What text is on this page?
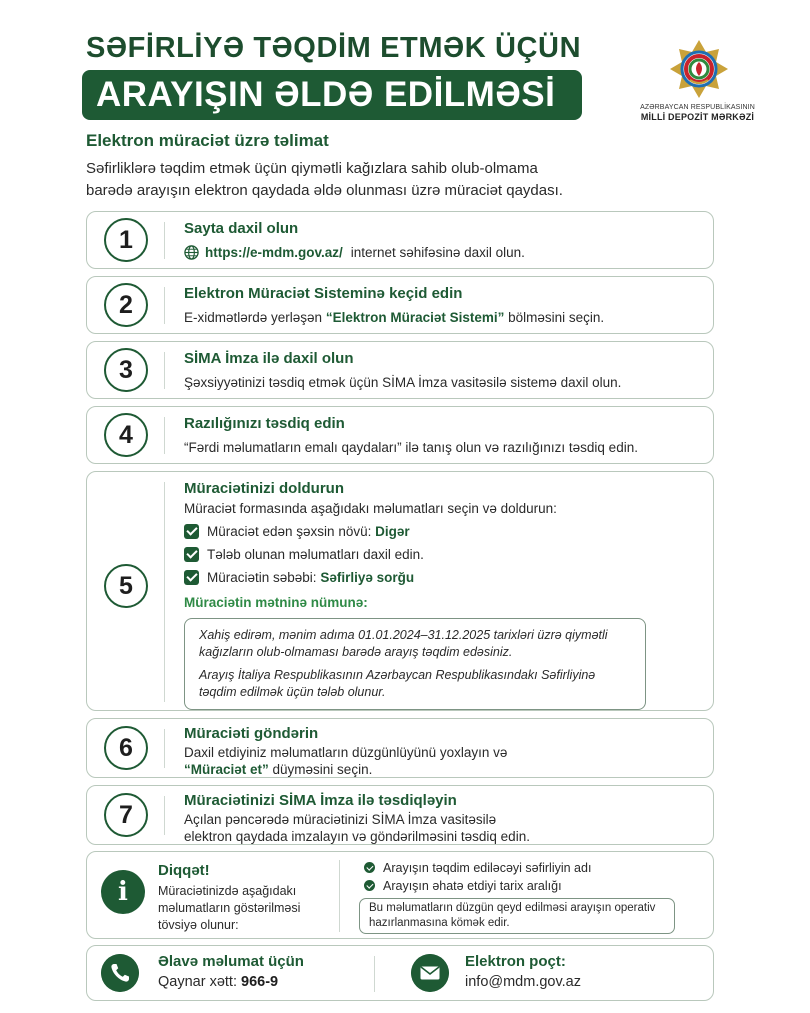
SƏFİRLİYƏ TƏQDİM ETMƏK ÜÇÜN
ARAYIŞIN ƏLDƏ EDİLMƏSİ	AZƏRBAYCAN RESPUBLİKASININ
MİLLİ DEPOZİT MƏRKƏZİ
Elektron müraciət üzrə təlimat
Səfirliklərə təqdim etmək üçün qiymətli kağızlara sahib olub-olmama
barədə arayışın elektron qaydada əldə olunması üzrə müraciət qaydası.
1	Sayta daxil olun
https://e-mdm.gov.az/ internet səhifəsinə daxil olun.
2	Elektron Müraciət Sisteminə keçid edin
E-xidmətlərdə yerləşən “Elektron Müraciət Sistemi” bölməsini seçin.
3	SİMA İmza ilə daxil olun
Şəxsiyyətinizi təsdiq etmək üçün SİMA İmza vasitəsilə sistemə daxil olun.
4	Razılığınızı təsdiq edin
“Fərdi məlumatların emalı qaydaları” ilə tanış olun və razılığınızı təsdiq edin.
5
Müraciətinizi doldurun
Müraciət formasında aşağıdakı məlumatları seçin və doldurun:
Müraciət edən şəxsin növü: Digər
Tələb olunan məlumatları daxil edin.
Müraciətin səbəbi: Səfirliyə sorğu
Müraciətin mətninə nümunə:

Xahiş edirəm, mənim adıma 01.01.2024–31.12.2025 tarixləri üzrə qiymətli kağızların olub-olmaması barədə arayış təqdim edəsiniz.

Arayış İtaliya Respublikasının Azərbaycan Respublikasındakı Səfirliyinə təqdim edilmək üçün tələb olunur.

6
Müraciəti göndərin
Daxil etdiyiniz məlumatların düzgünlüyünü yoxlayın və
“Müraciət et” düyməsini seçin.
7
Müraciətinizi SİMA İmza ilə təsdiqləyin
Açılan pəncərədə müraciətinizi SİMA İmza vasitəsilə
elektron qaydada imzalayın və göndərilməsini təsdiq edin.
i
Diqqət!
Müraciətinizdə aşağıdakı məlumatların göstərilməsi tövsiyə olunur:
Arayışın təqdim ediləcəyi səfirliyin adı
Arayışın əhatə etdiyi tarix aralığı
Bu məlumatların düzgün qeyd edilməsi arayışın operativ hazırlanmasına kömək edir.
Əlavə məlumat üçün
Qaynar xətt: 966-9
Elektron poçt:
info@mdm.gov.az
